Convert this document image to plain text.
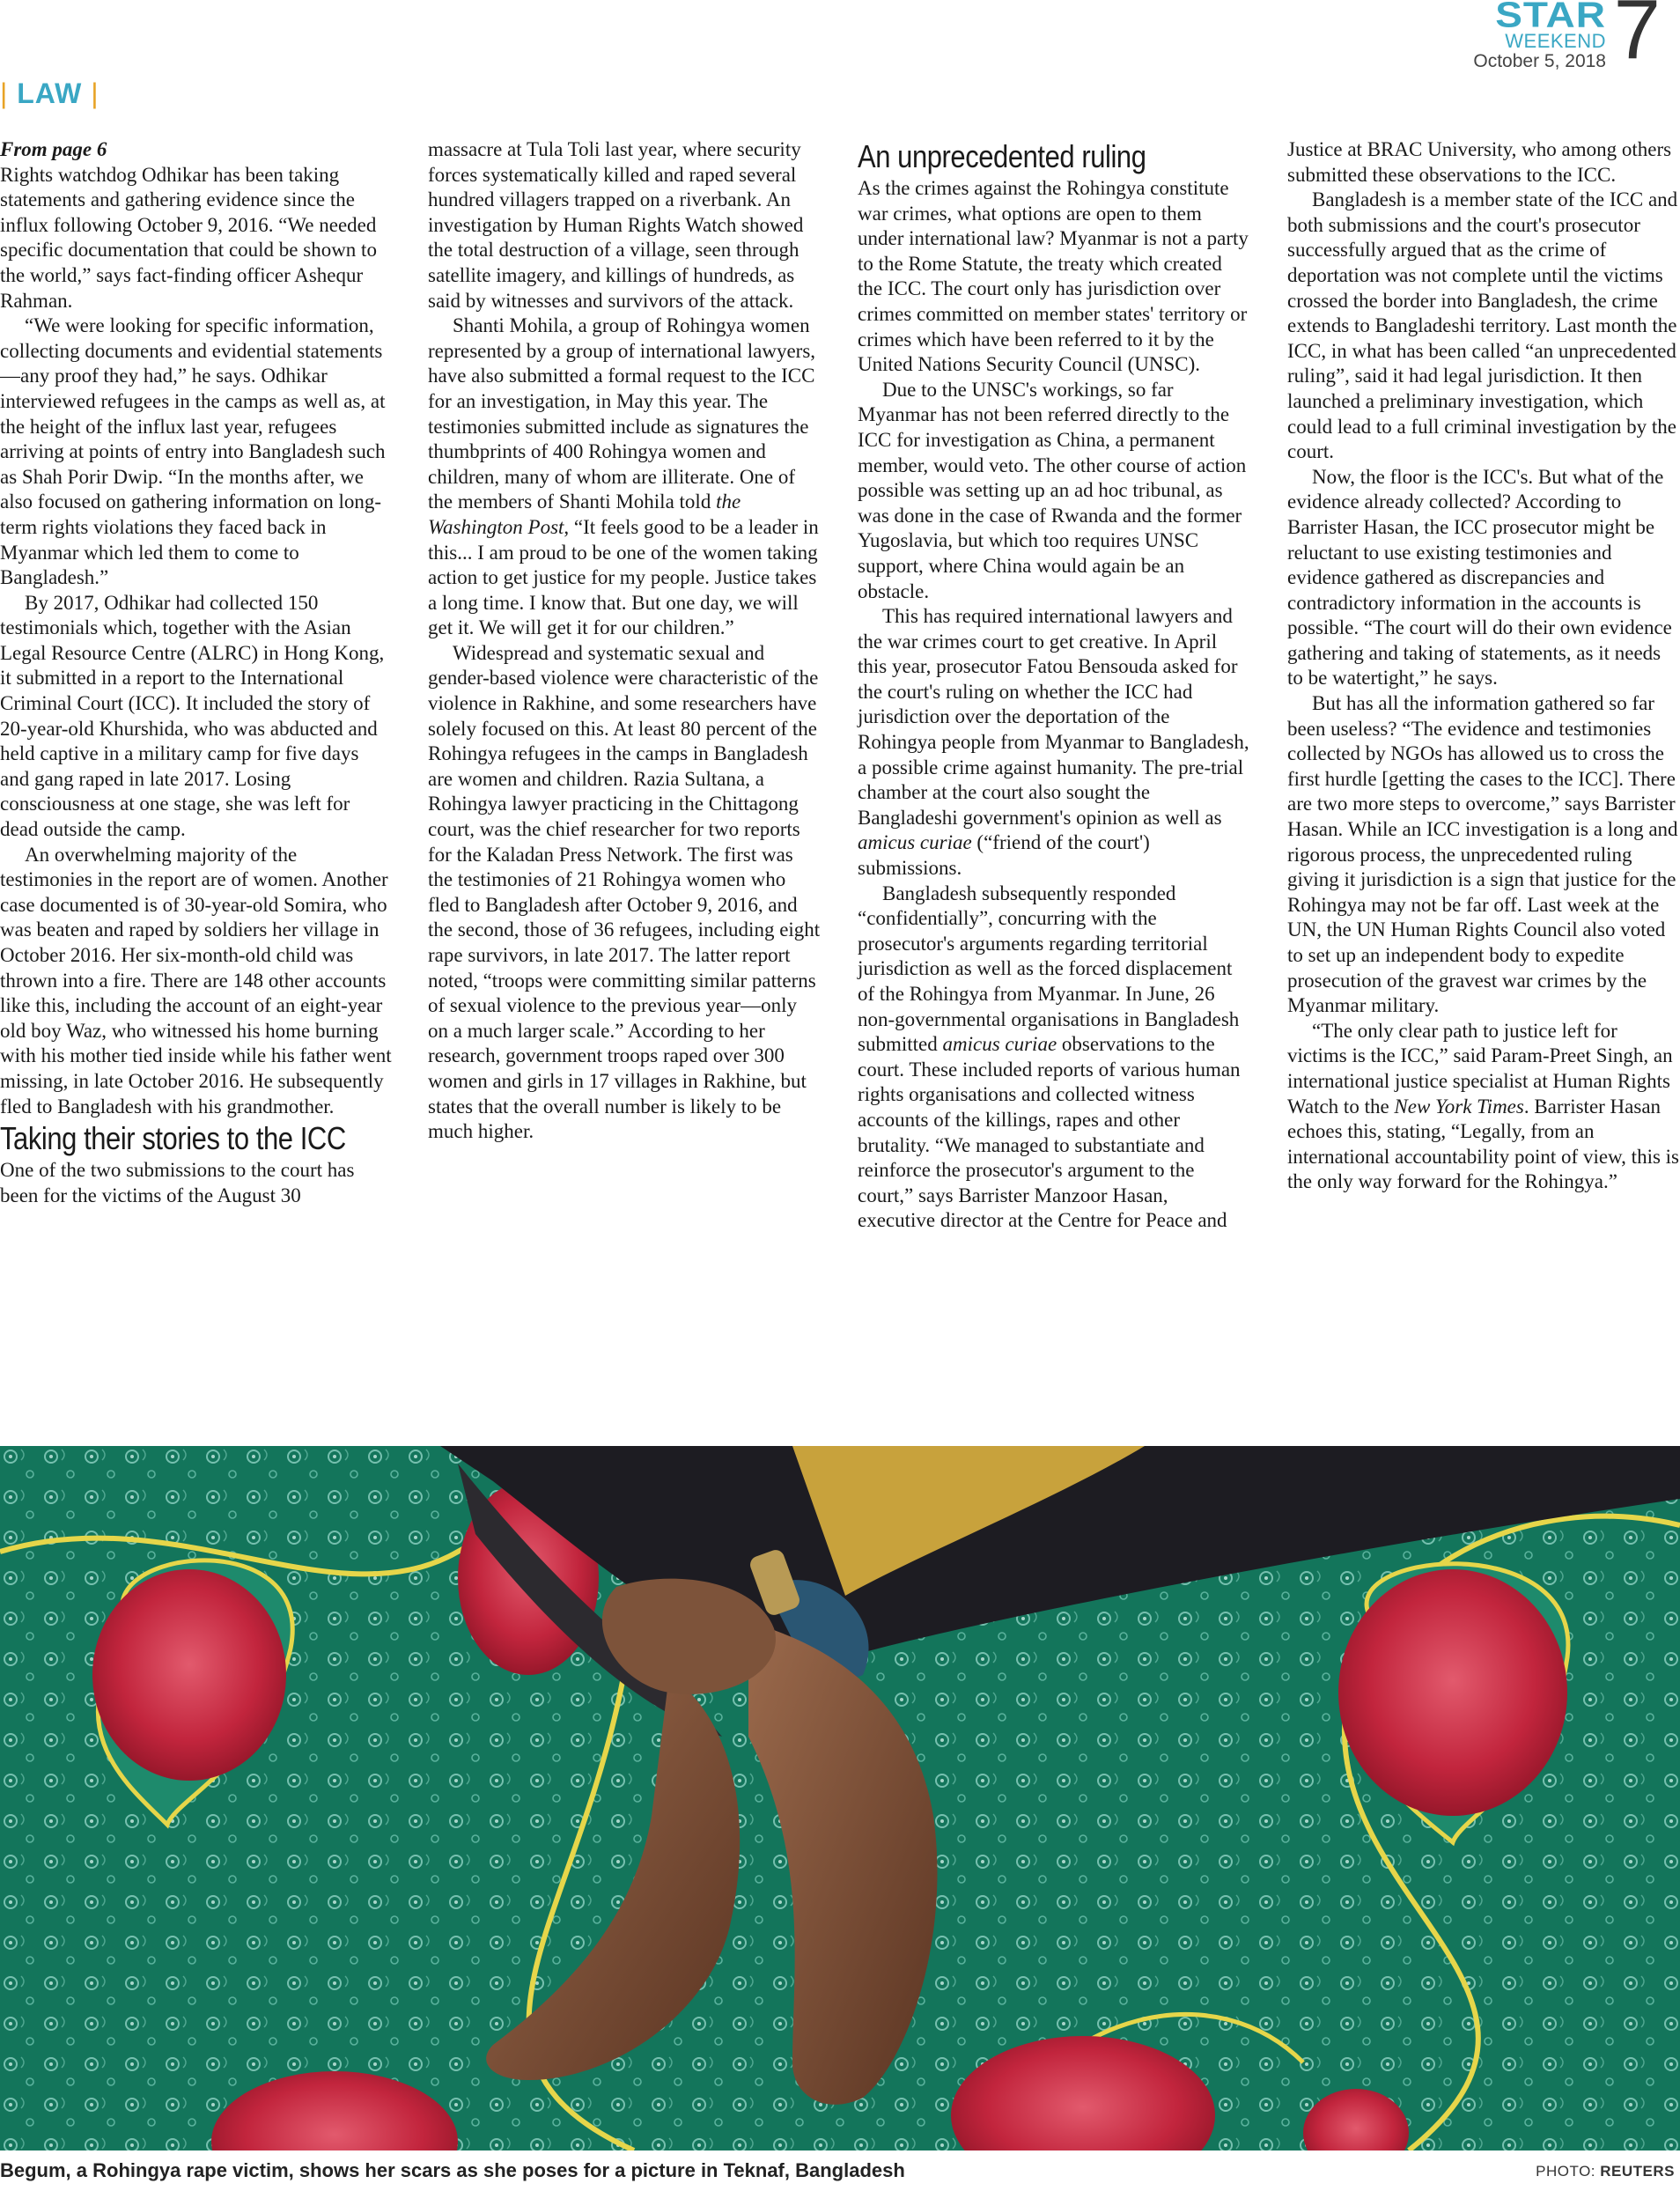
STAR
WEEKEND
October 5, 2018 7
| LAW |

From page 6

Rights watchdog Odhikar has been taking statements and gathering evidence since the influx following October 9, 2016. “We needed specific documentation that could be shown to the world,” says fact-finding officer Ashequr Rahman.

“We were looking for specific information, collecting documents and evidential statements—any proof they had,” he says. Odhikar interviewed refugees in the camps as well as, at the height of the influx last year, refugees arriving at points of entry into Bangladesh such as Shah Porir Dwip. “In the months after, we also focused on gathering information on long-term rights violations they faced back in Myanmar which led them to come to Bangladesh.”

By 2017, Odhikar had collected 150 testimonials which, together with the Asian Legal Resource Centre (ALRC) in Hong Kong, it submitted in a report to the International Criminal Court (ICC). It included the story of 20-year-old Khurshida, who was abducted and held captive in a military camp for five days and gang raped in late 2017. Losing consciousness at one stage, she was left for dead outside the camp.

An overwhelming majority of the testimonies in the report are of women. Another case documented is of 30-year-old Somira, who was beaten and raped by soldiers her village in October 2016. Her six-month-old child was thrown into a fire. There are 148 other accounts like this, including the account of an eight-year old boy Waz, who witnessed his home burning with his mother tied inside while his father went missing, in late October 2016. He subsequently fled to Bangladesh with his grandmother.

Taking their stories to the ICC

One of the two submissions to the court has been for the victims of the August 30

massacre at Tula Toli last year, where security forces systematically killed and raped several hundred villagers trapped on a riverbank. An investigation by Human Rights Watch showed the total destruction of a village, seen through satellite imagery, and killings of hundreds, as said by witnesses and survivors of the attack.

Shanti Mohila, a group of Rohingya women represented by a group of international lawyers, have also submitted a formal request to the ICC for an investigation, in May this year. The testimonies submitted include as signatures the thumbprints of 400 Rohingya women and children, many of whom are illiterate. One of the members of Shanti Mohila told the Washington Post, “It feels good to be a leader in this... I am proud to be one of the women taking action to get justice for my people. Justice takes a long time. I know that. But one day, we will get it. We will get it for our children.”

Widespread and systematic sexual and gender-based violence were characteristic of the violence in Rakhine, and some researchers have solely focused on this. At least 80 percent of the Rohingya refugees in the camps in Bangladesh are women and children. Razia Sultana, a Rohingya lawyer practicing in the Chittagong court, was the chief researcher for two reports for the Kaladan Press Network. The first was the testimonies of 21 Rohingya women who fled to Bangladesh after October 9, 2016, and the second, those of 36 refugees, including eight rape survivors, in late 2017. The latter report noted, “troops were committing similar patterns of sexual violence to the previous year—only on a much larger scale.” According to her research, government troops raped over 300 women and girls in 17 villages in Rakhine, but states that the overall number is likely to be much higher.

An unprecedented ruling

As the crimes against the Rohingya constitute war crimes, what options are open to them under international law? Myanmar is not a party to the Rome Statute, the treaty which created the ICC. The court only has jurisdiction over crimes committed on member states' territory or crimes which have been referred to it by the United Nations Security Council (UNSC).

Due to the UNSC's workings, so far Myanmar has not been referred directly to the ICC for investigation as China, a permanent member, would veto. The other course of action possible was setting up an ad hoc tribunal, as was done in the case of Rwanda and the former Yugoslavia, but which too requires UNSC support, where China would again be an obstacle.

This has required international lawyers and the war crimes court to get creative. In April this year, prosecutor Fatou Bensouda asked for the court's ruling on whether the ICC had jurisdiction over the deportation of the Rohingya people from Myanmar to Bangladesh, a possible crime against humanity. The pre-trial chamber at the court also sought the Bangladeshi government's opinion as well as amicus curiae (“friend of the court') submissions.

Bangladesh subsequently responded “confidentially”, concurring with the prosecutor's arguments regarding territorial jurisdiction as well as the forced displacement of the Rohingya from Myanmar. In June, 26 non-governmental organisations in Bangladesh submitted amicus curiae observations to the court. These included reports of various human rights organisations and collected witness accounts of the killings, rapes and other brutality. “We managed to substantiate and reinforce the prosecutor's argument to the court,” says Barrister Manzoor Hasan, executive director at the Centre for Peace and

Justice at BRAC University, who among others submitted these observations to the ICC.

Bangladesh is a member state of the ICC and both submissions and the court's prosecutor successfully argued that as the crime of deportation was not complete until the victims crossed the border into Bangladesh, the crime extends to Bangladeshi territory. Last month the ICC, in what has been called “an unprecedented ruling”, said it had legal jurisdiction. It then launched a preliminary investigation, which could lead to a full criminal investigation by the court.

Now, the floor is the ICC's. But what of the evidence already collected? According to Barrister Hasan, the ICC prosecutor might be reluctant to use existing testimonies and evidence gathered as discrepancies and contradictory information in the accounts is possible. “The court will do their own evidence gathering and taking of statements, as it needs to be watertight,” he says.

But has all the information gathered so far been useless? “The evidence and testimonies collected by NGOs has allowed us to cross the first hurdle [getting the cases to the ICC]. There are two more steps to overcome,” says Barrister Hasan. While an ICC investigation is a long and rigorous process, the unprecedented ruling giving it jurisdiction is a sign that justice for the Rohingya may not be far off. Last week at the UN, the UN Human Rights Council also voted to set up an independent body to expedite prosecution of the gravest war crimes by the Myanmar military.

“The only clear path to justice left for victims is the ICC,” said Param-Preet Singh, an international justice specialist at Human Rights Watch to the New York Times. Barrister Hasan echoes this, stating, “Legally, from an international accountability point of view, this is the only way forward for the Rohingya.”

Begum, a Rohingya rape victim, shows her scars as she poses for a picture in Teknaf, Bangladesh	PHOTO: REUTERS
